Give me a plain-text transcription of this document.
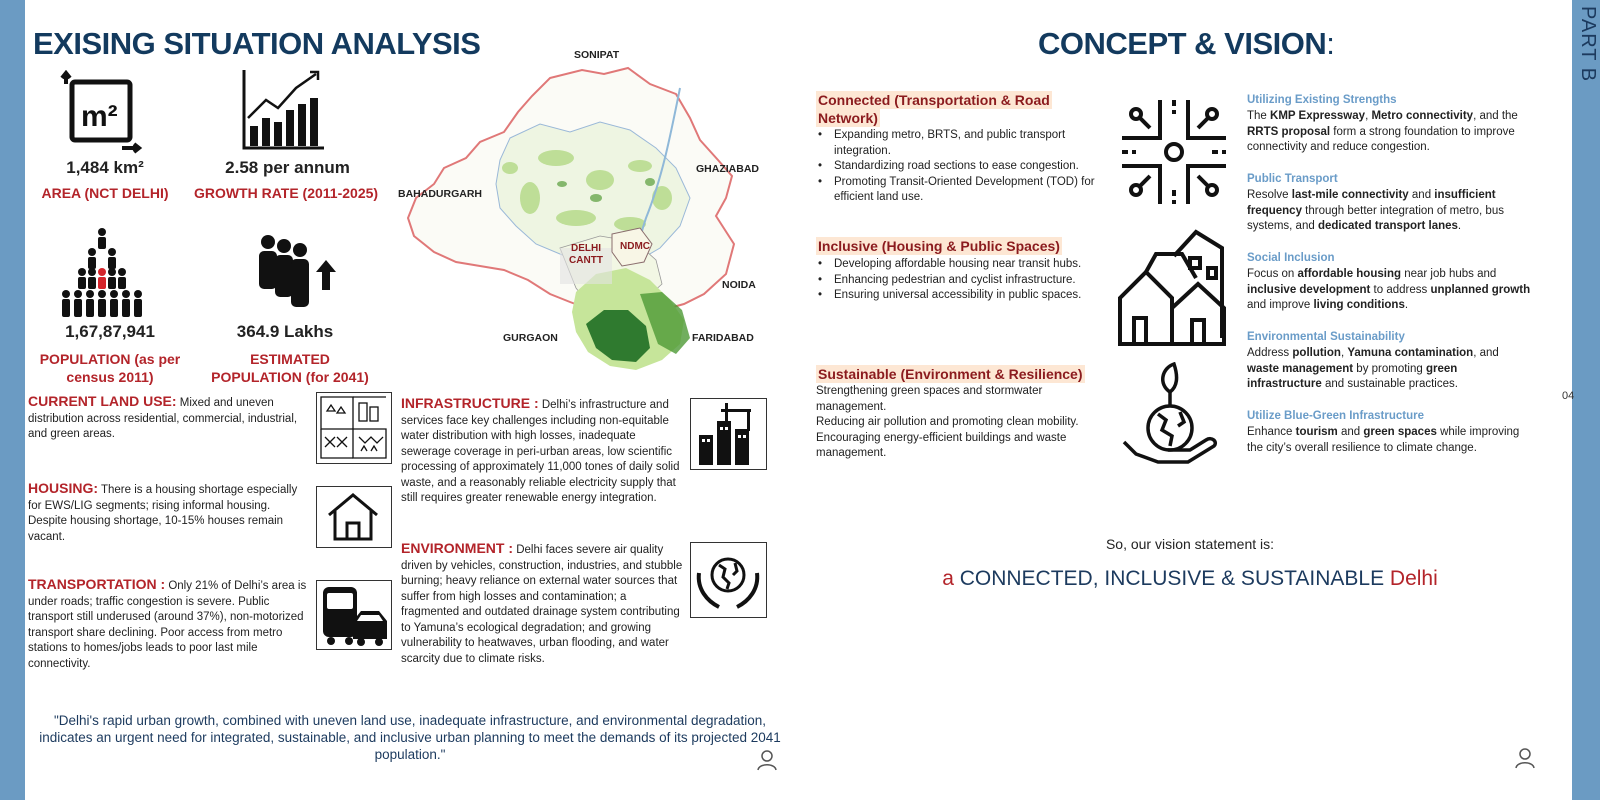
PART B
04
EXISING SITUATION ANALYSIS
m²
1,484 km²
AREA (NCT DELHI)
2.58 per annum
GROWTH RATE (2011-2025)
1,67,87,941
POPULATION (as per
census 2011)
364.9 Lakhs
ESTIMATED
POPULATION (for 2041)
SONIPAT
GHAZIABAD
BAHADURGARH
NOIDA
GURGAON	FARIDABAD
DELHI
CANTT
NDMC
CURRENT LAND USE: Mixed and uneven distribution across residential, commercial, industrial, and green areas.
HOUSING: There is a housing shortage especially for EWS/LIG segments; rising informal housing. Despite housing shortage, 10-15% houses remain vacant.
TRANSPORTATION : Only 21% of Delhi’s area is under roads; traffic congestion is severe. Public transport still underused (around 37%), non-motorized transport share declining. Poor access from metro stations to homes/jobs leads to poor last mile connectivity.
INFRASTRUCTURE : Delhi’s infrastructure and services face key challenges including non-equitable water distribution with high losses, inadequate sewerage coverage in peri-urban areas, low scientific processing of approximately 11,000 tones of daily solid waste, and a reasonably reliable electricity supply that still requires greater renewable energy integration.
ENVIRONMENT : Delhi faces severe air quality driven by vehicles, construction, industries, and stubble burning; heavy reliance on external water sources that suffer from high losses and contamination; a fragmented and outdated drainage system contributing to Yamuna’s ecological degradation; and growing vulnerability to heatwaves, urban flooding, and water scarcity due to climate risks.
"Delhi's rapid urban growth, combined with uneven land use, inadequate infrastructure, and environmental degradation, indicates an urgent need for integrated, sustainable, and inclusive urban planning to meet the demands of its projected 2041 population."
CONCEPT & VISION:
Connected (Transportation & Road
Network)
• Expanding metro, BRTS, and public transport integration.
• Standardizing road sections to ease congestion.
• Promoting Transit-Oriented Development (TOD) for efficient land use.
Inclusive (Housing & Public Spaces)
• Developing affordable housing near transit hubs.
• Enhancing pedestrian and cyclist infrastructure.
• Ensuring universal accessibility in public spaces.
Sustainable (Environment & Resilience)
Strengthening green spaces and stormwater management.
Reducing air pollution and promoting clean mobility.
Encouraging energy-efficient buildings and waste management.
Utilizing Existing Strengths
The KMP Expressway, Metro connectivity, and the RRTS proposal form a strong foundation to improve connectivity and reduce congestion.
Public Transport
Resolve last-mile connectivity and insufficient frequency through better integration of metro, bus systems, and dedicated transport lanes.
Social Inclusion
Focus on affordable housing near job hubs and inclusive development to address unplanned growth and improve living conditions.
Environmental Sustainability
Address pollution, Yamuna contamination, and waste management by promoting green infrastructure and sustainable practices.
Utilize Blue-Green Infrastructure
Enhance tourism and green spaces while improving the city’s overall resilience to climate change.
So, our vision statement is:
a CONNECTED, INCLUSIVE & SUSTAINABLE Delhi
